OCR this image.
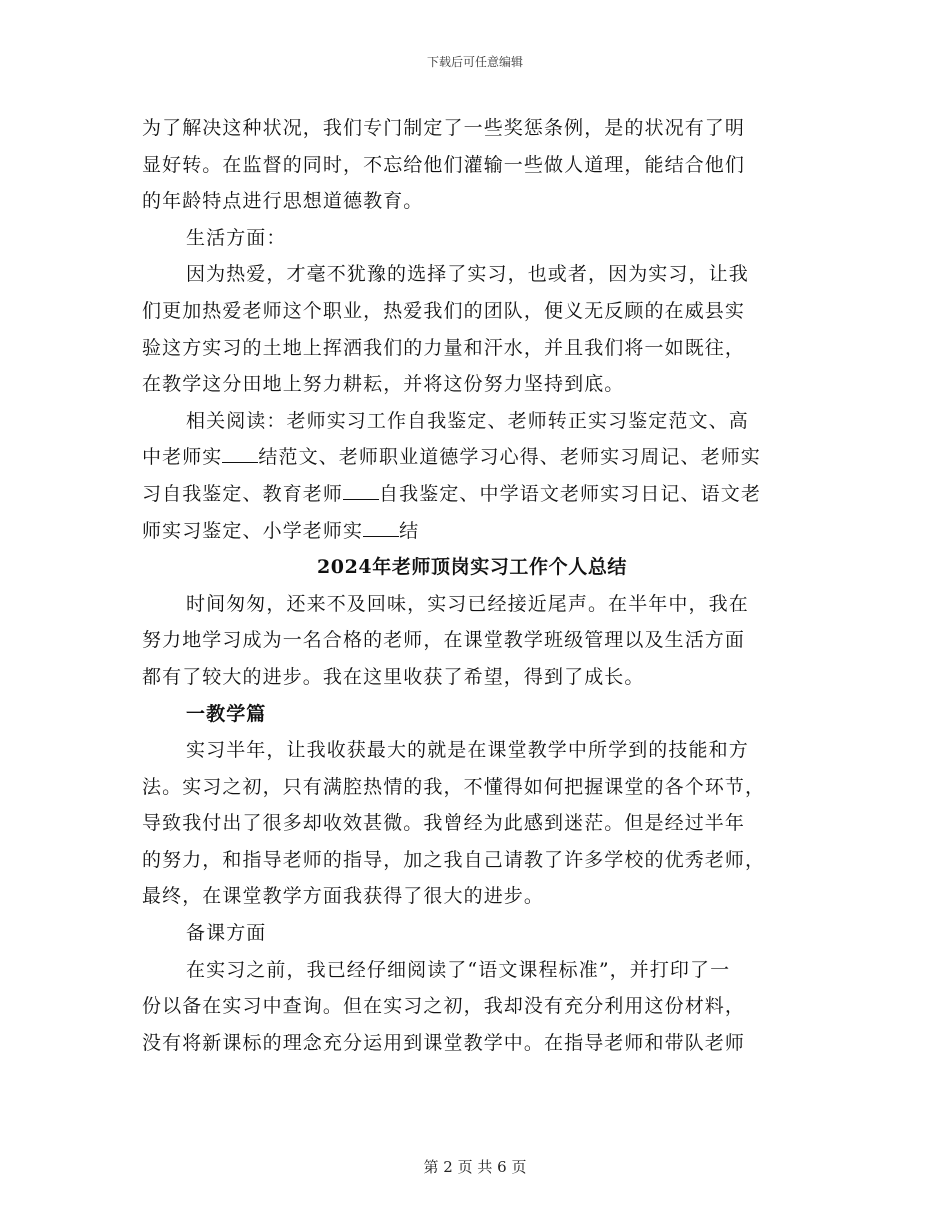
下载后可任意编辑
为了解决这种状况，我们专门制定了一些奖惩条例，是的状况有了明
显好转。在监督的同时，不忘给他们灌输一些做人道理，能结合他们
的年龄特点进行思想道德教育。
生活方面：
因为热爱，才毫不犹豫的选择了实习，也或者，因为实习，让我
们更加热爱老师这个职业，热爱我们的团队，便义无反顾的在威县实
验这方实习的土地上挥洒我们的力量和汗水，并且我们将一如既往，
在教学这分田地上努力耕耘，并将这份努力坚持到底。
相关阅读：老师实习工作自我鉴定、老师转正实习鉴定范文、高
中老师实 结范文、老师职业道德学习心得、老师实习周记、老师实
习自我鉴定、教育老师 自我鉴定、中学语文老师实习日记、语文老
师实习鉴定、小学老师实 结
2024年老师顶岗实习工作个人总结
时间匆匆，还来不及回味，实习已经接近尾声。在半年中，我在
努力地学习成为一名合格的老师，在课堂教学班级管理以及生活方面
都有了较大的进步。我在这里收获了希望，得到了成长。
一教学篇
实习半年，让我收获最大的就是在课堂教学中所学到的技能和方
法。实习之初，只有满腔热情的我，不懂得如何把握课堂的各个环节，
导致我付出了很多却收效甚微。我曾经为此感到迷茫。但是经过半年
的努力，和指导老师的指导，加之我自己请教了许多学校的优秀老师，
最终，在课堂教学方面我获得了很大的进步。
备课方面
在实习之前，我已经仔细阅读了“语文课程标准”，并打印了一
份以备在实习中查询。但在实习之初，我却没有充分利用这份材料，
没有将新课标的理念充分运用到课堂教学中。在指导老师和带队老师
第 2 页 共 6 页
